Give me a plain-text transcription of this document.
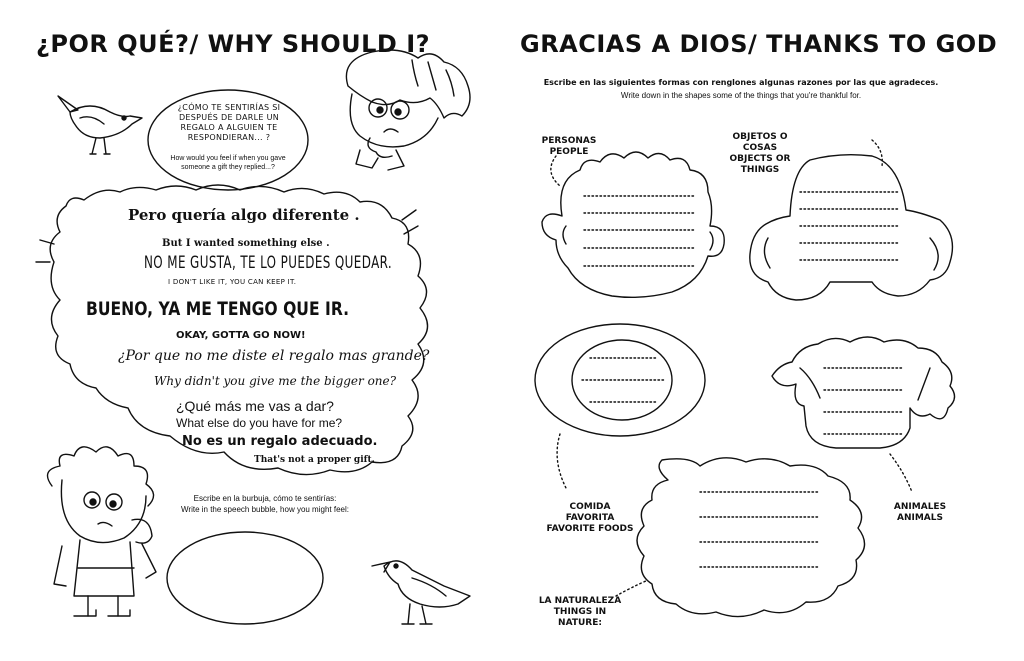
¿POR QUÉ?/ WHY SHOULD I?
¿CÓMO TE SENTIRÍAS SI DESPUÉS DE DARLE UN REGALO A ALGUIEN TE RESPONDIERAN... ?
How would you feel if when you gave someone a gift they replied...?
Pero quería algo diferente .
But I wanted something else .
NO ME GUSTA, TE LO PUEDES QUEDAR.
I DON'T LIKE IT, YOU CAN KEEP IT.
BUENO, YA ME TENGO QUE IR.
OKAY, GOTTA GO NOW!
¿Por que no me diste el regalo mas grande?
Why didn't you give me the bigger one?
¿Qué más me vas a dar?
What else do you have for me?
No es un regalo adecuado.
That's not a proper gift.
Escribe en la burbuja, cómo te sentirías:
Write in the speech bubble, how you might feel:
GRACIAS A DIOS/ THANKS TO GOD
Escribe en las siguientes formas con renglones algunas razones por las que agradeces.
Write down in the shapes some of the things that you're thankful for.
PERSONAS
PEOPLE
OBJETOS O
COSAS
OBJECTS OR
THINGS
COMIDA
FAVORITA
FAVORITE FOODS
ANIMALES
ANIMALS
LA NATURALEZA
THINGS IN
NATURE:
